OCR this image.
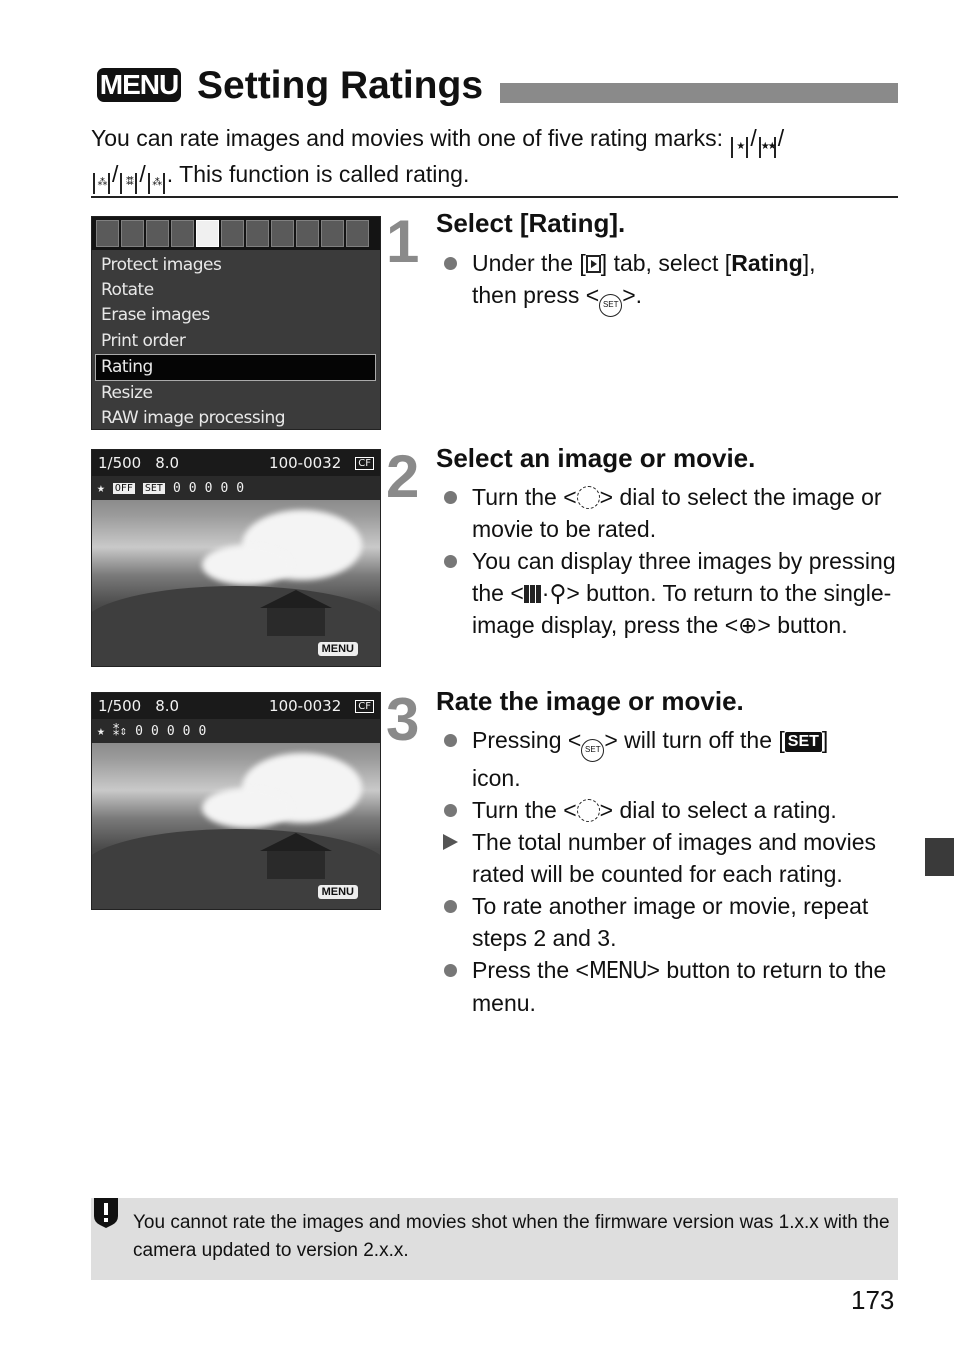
MENU Setting Ratings
You can rate images and movies with one of five rating marks: ★ / ★★ /
⁂ / ⁑⁑ / ⁂ . This function is called rating.
Protect images
Rotate
Erase images
Print order
Rating
Resize
RAW image processing
1/500 8.0	100-0032	CF
★ OFF SET 0 0 0 0 0
MENU
1/500 8.0	100-0032	CF
★ ⁑⇕ 0 0 0 0 0
MENU
1 Select [Rating].
Under the [ ] tab, select [Rating],
then press < SET >.
2 Select an image or movie.
Turn the < > dial to select the image or movie to be rated.
You can display three images by pressing the < ·⚲> button. To return to the single-image display, press the <⊕> button.
3 Rate the image or movie.
Pressing < SET > will turn off the [ SET ]
icon.
Turn the < > dial to select a rating.
The total number of images and movies rated will be counted for each rating.
To rate another image or movie, repeat steps 2 and 3.
Press the <MENU> button to return to the menu.
You cannot rate the images and movies shot when the firmware version was 1.x.x with the camera updated to version 2.x.x.
173
